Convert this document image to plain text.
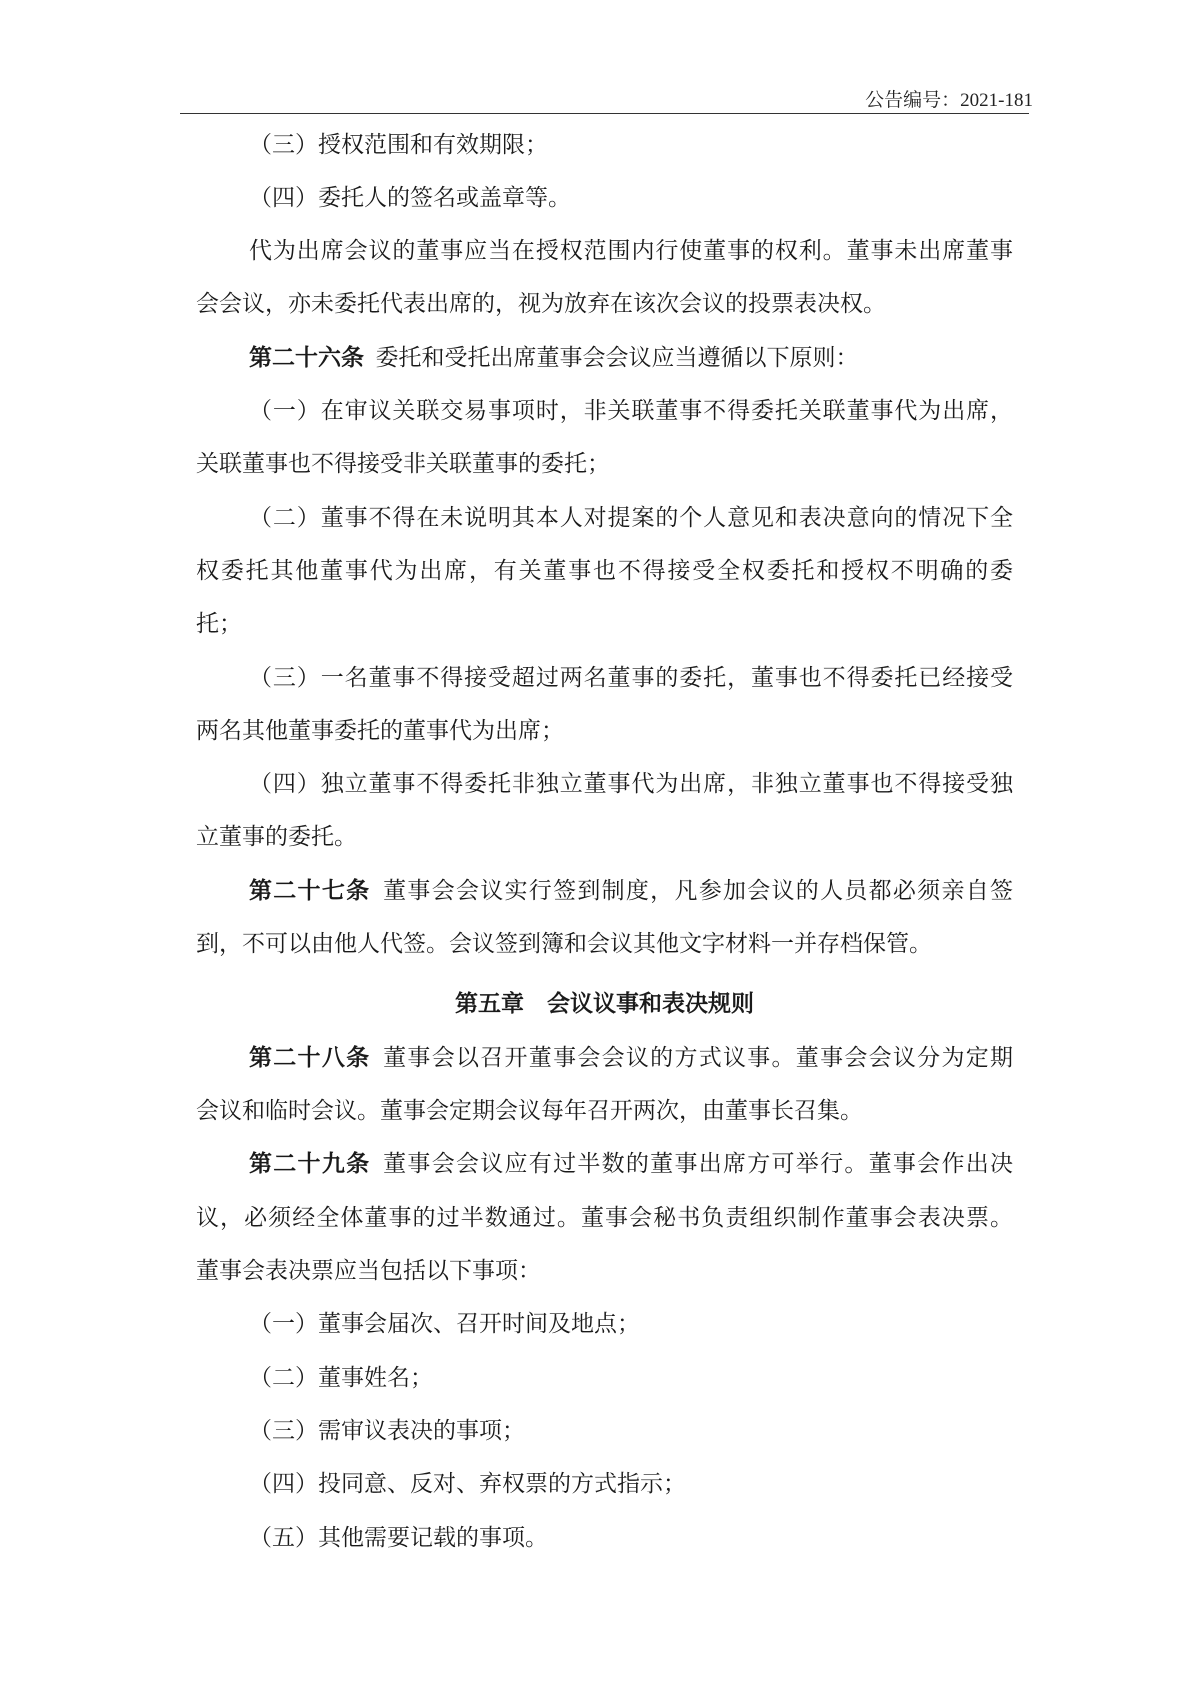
公告编号：2021-181
（三）授权范围和有效期限；
（四）委托人的签名或盖章等。
代为出席会议的董事应当在授权范围内行使董事的权利。董事未出席董事
会会议，亦未委托代表出席的，视为放弃在该次会议的投票表决权。
第二十六条  委托和受托出席董事会会议应当遵循以下原则：
（一）在审议关联交易事项时，非关联董事不得委托关联董事代为出席，
关联董事也不得接受非关联董事的委托；
（二）董事不得在未说明其本人对提案的个人意见和表决意向的情况下全
权委托其他董事代为出席，有关董事也不得接受全权委托和授权不明确的委
托；
（三）一名董事不得接受超过两名董事的委托，董事也不得委托已经接受
两名其他董事委托的董事代为出席；
（四）独立董事不得委托非独立董事代为出席，非独立董事也不得接受独
立董事的委托。
第二十七条  董事会会议实行签到制度，凡参加会议的人员都必须亲自签
到，不可以由他人代签。会议签到簿和会议其他文字材料一并存档保管。
第五章　会议议事和表决规则
第二十八条  董事会以召开董事会会议的方式议事。董事会会议分为定期
会议和临时会议。董事会定期会议每年召开两次，由董事长召集。
第二十九条  董事会会议应有过半数的董事出席方可举行。董事会作出决
议，必须经全体董事的过半数通过。董事会秘书负责组织制作董事会表决票。
董事会表决票应当包括以下事项：
（一）董事会届次、召开时间及地点；
（二）董事姓名；
（三）需审议表决的事项；
（四）投同意、反对、弃权票的方式指示；
（五）其他需要记载的事项。
